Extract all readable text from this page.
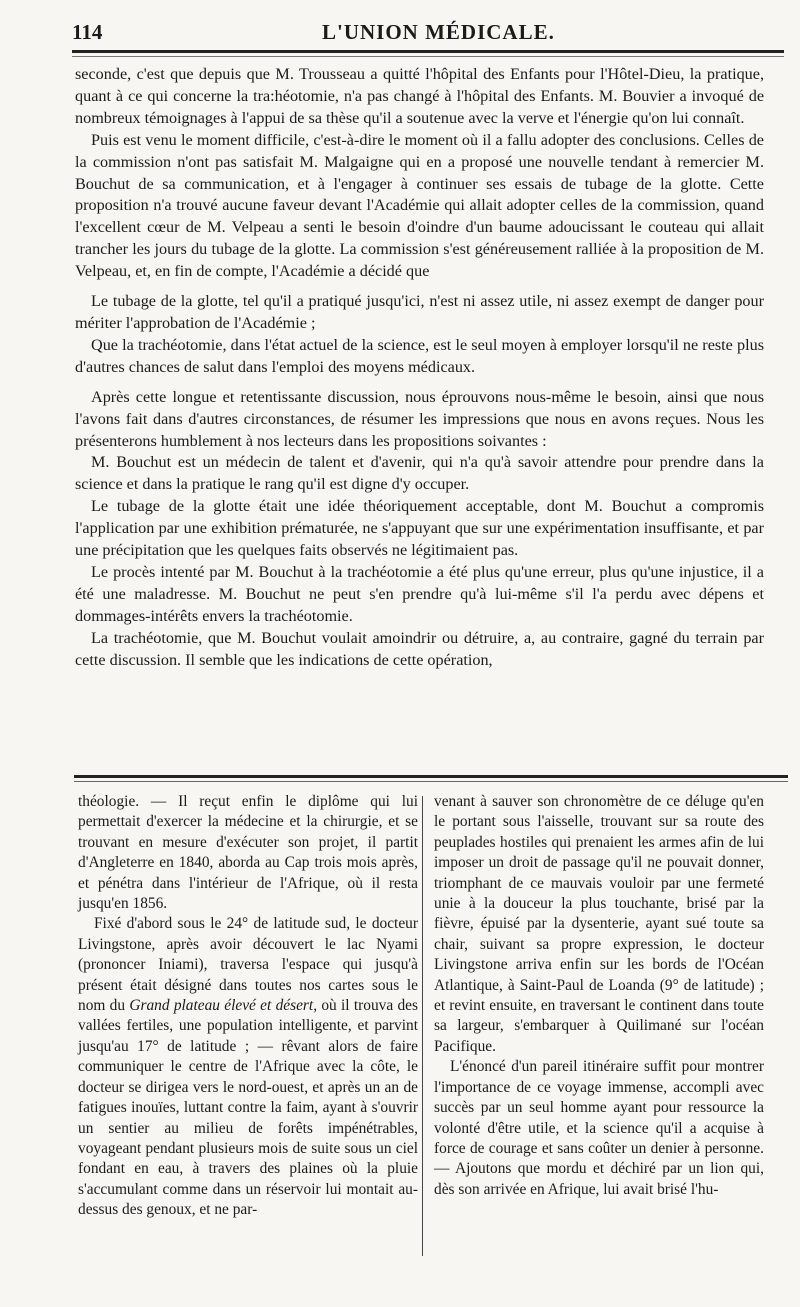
114	L'UNION MÉDICALE.

seconde, c'est que depuis que M. Trousseau a quitté l'hôpital des Enfants pour l'Hôtel-Dieu, la pratique, quant à ce qui concerne la tra:héotomie, n'a pas changé à l'hôpital des Enfants. M. Bouvier a invoqué de nombreux témoignages à l'appui de sa thèse qu'il a soutenue avec la verve et l'énergie qu'on lui connaît.

Puis est venu le moment difficile, c'est-à-dire le moment où il a fallu adopter des conclusions. Celles de la commission n'ont pas satisfait M. Malgaigne qui en a proposé une nouvelle tendant à remercier M. Bouchut de sa communication, et à l'engager à continuer ses essais de tubage de la glotte. Cette proposition n'a trouvé aucune faveur devant l'Académie qui allait adopter celles de la commission, quand l'excellent cœur de M. Velpeau a senti le besoin d'oindre d'un baume adoucissant le couteau qui allait trancher les jours du tubage de la glotte. La commission s'est généreusement ralliée à la proposition de M. Velpeau, et, en fin de compte, l'Académie a décidé que

Le tubage de la glotte, tel qu'il a pratiqué jusqu'ici, n'est ni assez utile, ni assez exempt de danger pour mériter l'approbation de l'Académie ;

Que la trachéotomie, dans l'état actuel de la science, est le seul moyen à employer lorsqu'il ne reste plus d'autres chances de salut dans l'emploi des moyens médicaux.

Après cette longue et retentissante discussion, nous éprouvons nous-même le besoin, ainsi que nous l'avons fait dans d'autres circonstances, de résumer les impressions que nous en avons reçues. Nous les présenterons humblement à nos lecteurs dans les propositions soivantes :

M. Bouchut est un médecin de talent et d'avenir, qui n'a qu'à savoir attendre pour prendre dans la science et dans la pratique le rang qu'il est digne d'y occuper.

Le tubage de la glotte était une idée théoriquement acceptable, dont M. Bouchut a compromis l'application par une exhibition prématurée, ne s'appuyant que sur une expérimentation insuffisante, et par une précipitation que les quelques faits observés ne légitimaient pas.

Le procès intenté par M. Bouchut à la trachéotomie a été plus qu'une erreur, plus qu'une injustice, il a été une maladresse. M. Bouchut ne peut s'en prendre qu'à lui-même s'il l'a perdu avec dépens et dommages-intérêts envers la trachéotomie.

La trachéotomie, que M. Bouchut voulait amoindrir ou détruire, a, au contraire, gagné du terrain par cette discussion. Il semble que les indications de cette opération,

théologie. — Il reçut enfin le diplôme qui lui permettait d'exercer la médecine et la chirurgie, et se trouvant en mesure d'exécuter son projet, il partit d'Angleterre en 1840, aborda au Cap trois mois après, et pénétra dans l'intérieur de l'Afrique, où il resta jusqu'en 1856.

Fixé d'abord sous le 24° de latitude sud, le docteur Livingstone, après avoir découvert le lac Nyami (prononcer Iniami), traversa l'espace qui jusqu'à présent était désigné dans toutes nos cartes sous le nom du Grand plateau élevé et désert, où il trouva des vallées fertiles, une population intelligente, et parvint jusqu'au 17° de latitude ; — rêvant alors de faire communiquer le centre de l'Afrique avec la côte, le docteur se dirigea vers le nord-ouest, et après un an de fatigues inouïes, luttant contre la faim, ayant à s'ouvrir un sentier au milieu de forêts impénétrables, voyageant pendant plusieurs mois de suite sous un ciel fondant en eau, à travers des plaines où la pluie s'accumulant comme dans un réservoir lui montait au-dessus des genoux, et ne par-

venant à sauver son chronomètre de ce déluge qu'en le portant sous l'aisselle, trouvant sur sa route des peuplades hostiles qui prenaient les armes afin de lui imposer un droit de passage qu'il ne pouvait donner, triomphant de ce mauvais vouloir par une fermeté unie à la douceur la plus touchante, brisé par la fièvre, épuisé par la dysenterie, ayant sué toute sa chair, suivant sa propre expression, le docteur Livingstone arriva enfin sur les bords de l'Océan Atlantique, à Saint-Paul de Loanda (9° de latitude) ; et revint ensuite, en traversant le continent dans toute sa largeur, s'embarquer à Quilimané sur l'océan Pacifique.

L'énoncé d'un pareil itinéraire suffit pour montrer l'importance de ce voyage immense, accompli avec succès par un seul homme ayant pour ressource la volonté d'être utile, et la science qu'il a acquise à force de courage et sans coûter un denier à personne. — Ajoutons que mordu et déchiré par un lion qui, dès son arrivée en Afrique, lui avait brisé l'hu-
